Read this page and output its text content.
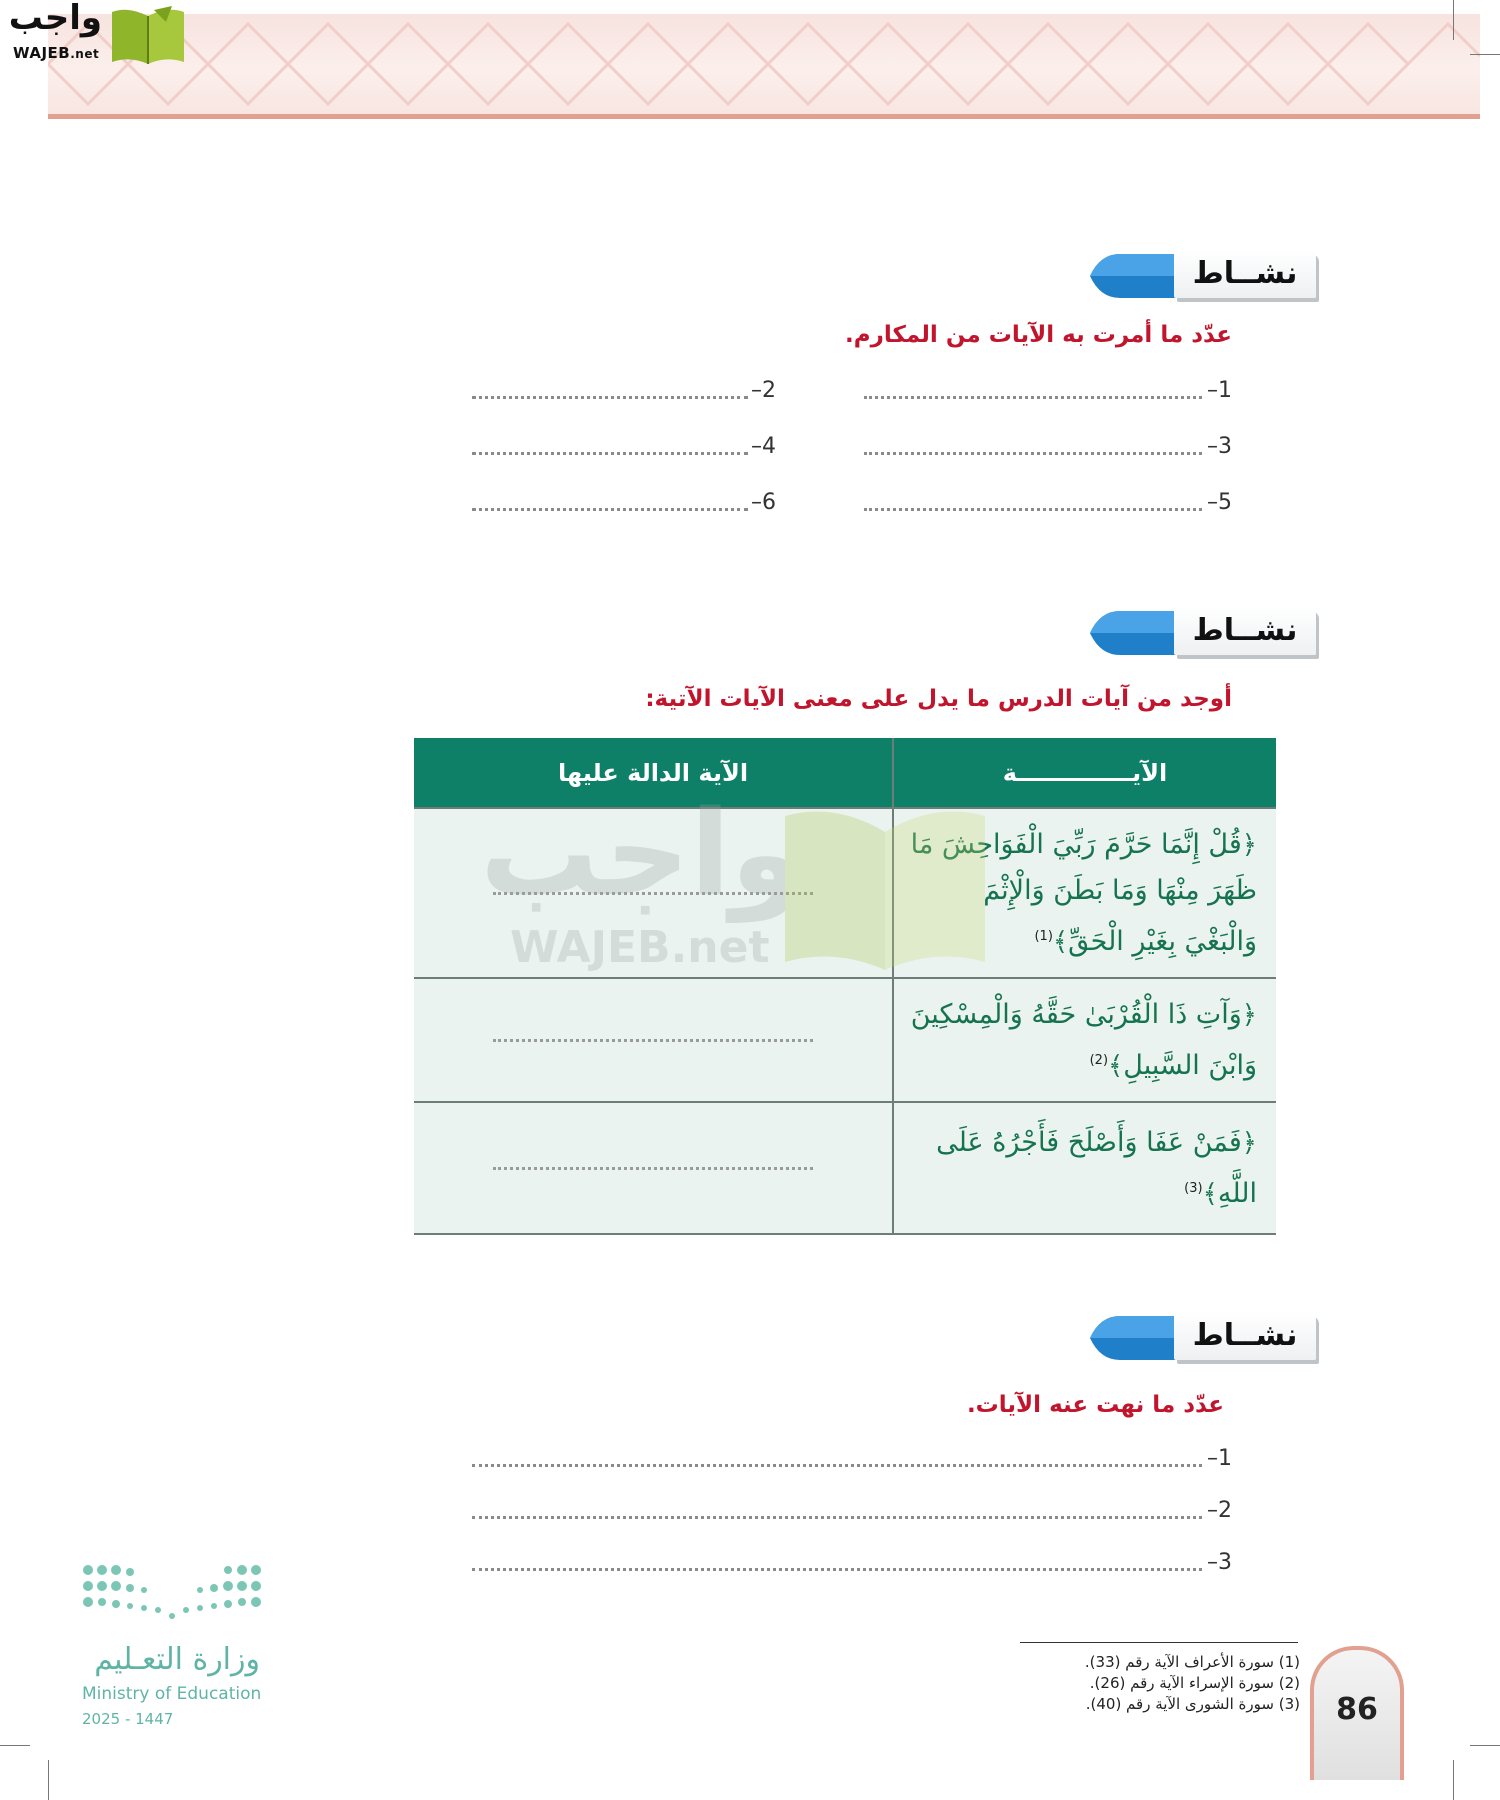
واجب
WAJEB.net
نشــاط
عدّد ما أمرت به الآيات من المكارم.
1–
2–
3–
4–
5–
6–
نشــاط
أوجد من آيات الدرس ما يدل على معنى الآيات الآتية:
الآيــــــــــــــة	الآية الدالة عليها

﴿قُلْ إِنَّمَا حَرَّمَ رَبِّيَ الْفَوَاحِشَ مَا ظَهَرَ مِنْهَا وَمَا بَطَنَ وَالْإِثْمَ وَالْبَغْيَ بِغَيْرِ الْحَقِّ﴾$^{(1)}$

﴿وَآتِ ذَا الْقُرْبَىٰ حَقَّهُ وَالْمِسْكِينَ وَابْنَ السَّبِيلِ﴾$^{(2)}$

﴿فَمَنْ عَفَا وَأَصْلَحَ فَأَجْرُهُ عَلَى اللَّهِ﴾$^{(3)}$

واجب
WAJEB.net
نشــاط
عدّد ما نهت عنه الآيات.
1–
2–
3–
وزارة التعـليم
Ministry of Education
2025 - 1447
(1) سورة الأعراف الآية رقم (33).
(2) سورة الإسراء الآية رقم (26).
(3) سورة الشورى الآية رقم (40).	86
